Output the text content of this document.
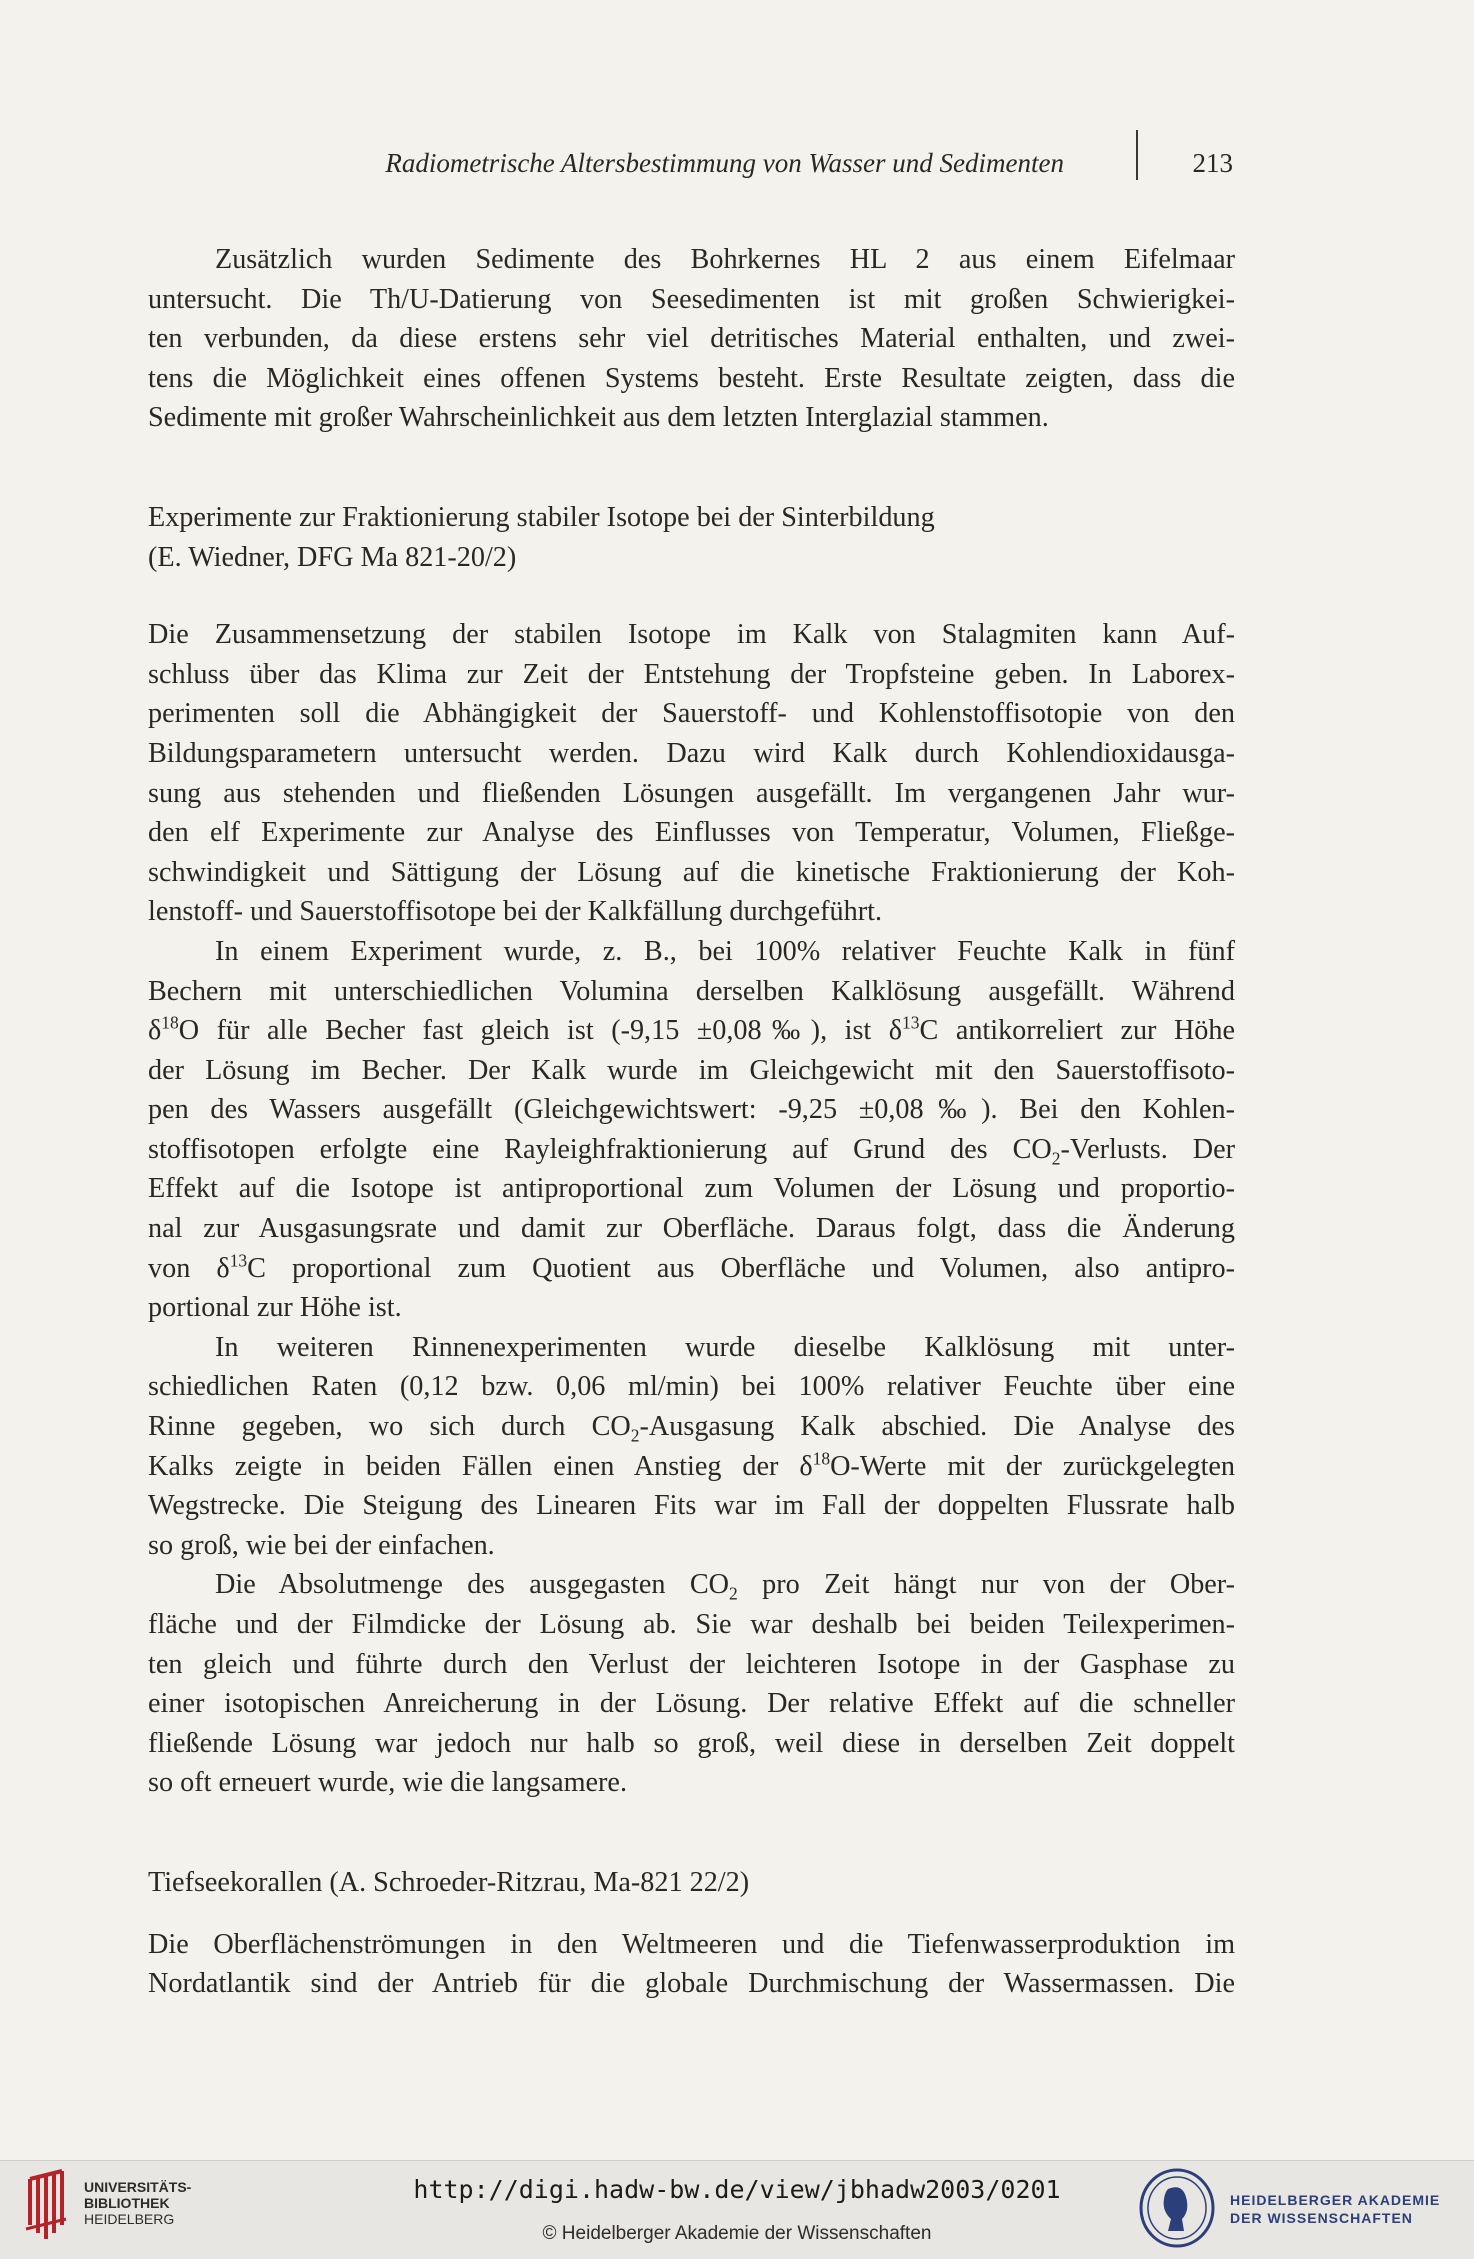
Radiometrische Altersbestimmung von Wasser und Sedimenten	213

Zusätzlich wurden Sedimente des Bohrkernes HL 2 aus einem Eifelmaar
untersucht. Die Th/U-Datierung von Seesedimenten ist mit großen Schwierigkei-
ten verbunden, da diese erstens sehr viel detritisches Material enthalten, und zwei-
tens die Möglichkeit eines offenen Systems besteht. Erste Resultate zeigten, dass die
Sedimente mit großer Wahrscheinlichkeit aus dem letzten Interglazial stammen.

Experimente zur Fraktionierung stabiler Isotope bei der Sinterbildung

(E. Wiedner, DFG Ma 821-20/2)

Die Zusammensetzung der stabilen Isotope im Kalk von Stalagmiten kann Auf-
schluss über das Klima zur Zeit der Entstehung der Tropfsteine geben. In Laborex-
perimenten soll die Abhängigkeit der Sauerstoff- und Kohlenstoffisotopie von den
Bildungsparametern untersucht werden. Dazu wird Kalk durch Kohlendioxidausga-
sung aus stehenden und fließenden Lösungen ausgefällt. Im vergangenen Jahr wur-
den elf Experimente zur Analyse des Einflusses von Temperatur, Volumen, Fließge-
schwindigkeit und Sättigung der Lösung auf die kinetische Fraktionierung der Koh-
lenstoff- und Sauerstoffisotope bei der Kalkfällung durchgeführt.

In einem Experiment wurde, z. B., bei 100% relativer Feuchte Kalk in fünf
Bechern mit unterschiedlichen Volumina derselben Kalklösung ausgefällt. Während
$\delta^{18}O$ für alle Becher fast gleich ist (-9,15 ±0,08‰), ist $\delta^{13}C$ antikorreliert zur Höhe
der Lösung im Becher. Der Kalk wurde im Gleichgewicht mit den Sauerstoffisoto-
pen des Wassers ausgefällt (Gleichgewichtswert: -9,25 ±0,08‰). Bei den Kohlen-
stoffisotopen erfolgte eine Rayleighfraktionierung auf Grund des $CO_2$-Verlusts. Der
Effekt auf die Isotope ist antiproportional zum Volumen der Lösung und proportio-
nal zur Ausgasungsrate und damit zur Oberfläche. Daraus folgt, dass die Änderung
von $\delta^{13}C$ proportional zum Quotient aus Oberfläche und Volumen, also antipro-
portional zur Höhe ist.

In weiteren Rinnenexperimenten wurde dieselbe Kalklösung mit unter-
schiedlichen Raten (0,12 bzw. 0,06 ml/min) bei 100% relativer Feuchte über eine
Rinne gegeben, wo sich durch $CO_2$-Ausgasung Kalk abschied. Die Analyse des
Kalks zeigte in beiden Fällen einen Anstieg der $\delta^{18}O$-Werte mit der zurückgelegten
Wegstrecke. Die Steigung des Linearen Fits war im Fall der doppelten Flussrate halb
so groß, wie bei der einfachen.

Die Absolutmenge des ausgegasten $CO_2$ pro Zeit hängt nur von der Ober-
fläche und der Filmdicke der Lösung ab. Sie war deshalb bei beiden Teilexperimen-
ten gleich und führte durch den Verlust der leichteren Isotope in der Gasphase zu
einer isotopischen Anreicherung in der Lösung. Der relative Effekt auf die schneller
fließende Lösung war jedoch nur halb so groß, weil diese in derselben Zeit doppelt
so oft erneuert wurde, wie die langsamere.

Tiefseekorallen (A. Schroeder-Ritzrau, Ma-821 22/2)

Die Oberflächenströmungen in den Weltmeeren und die Tiefenwasserproduktion im
Nordatlantik sind der Antrieb für die globale Durchmischung der Wassermassen. Die

UNIVERSITÄTS-
BIBLIOTHEK
HEIDELBERG
http://digi.hadw-bw.de/view/jbhadw2003/0201
© Heidelberger Akademie der Wissenschaften
HEIDELBERGER AKADEMIE
DER WISSENSCHAFTEN
